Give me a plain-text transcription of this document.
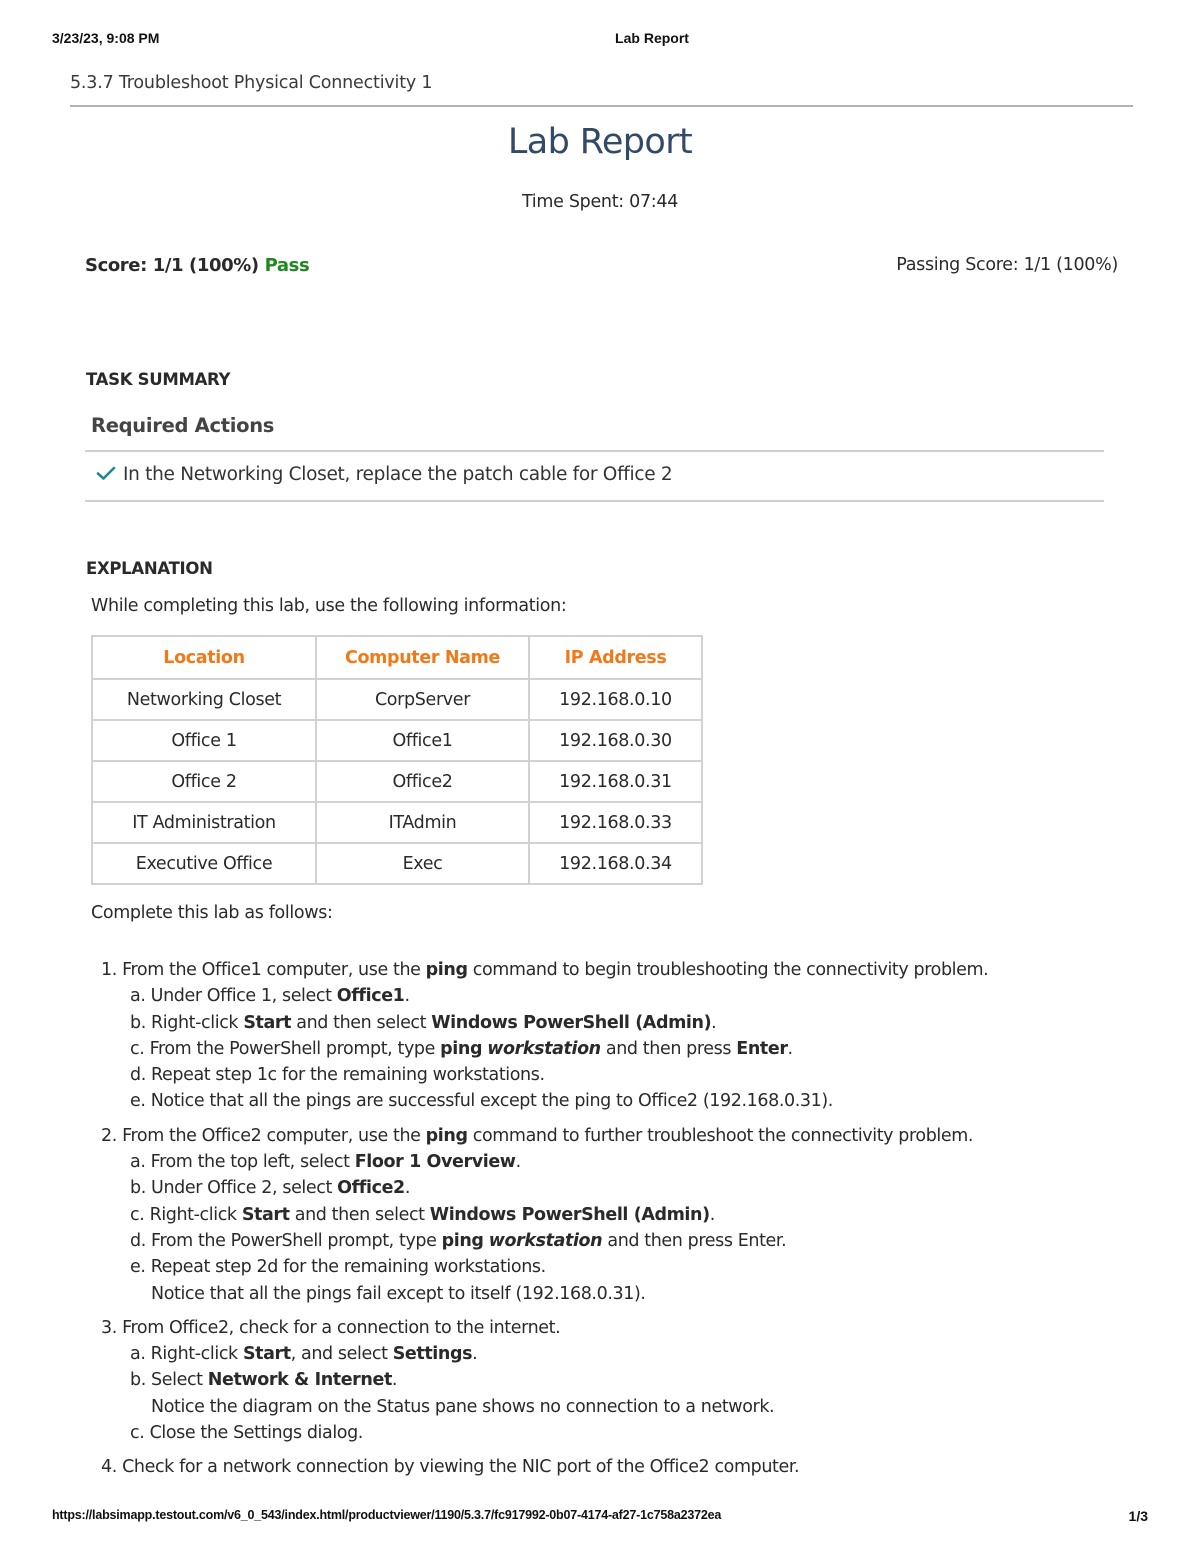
3/23/23, 9:08 PM	Lab Report
5.3.7 Troubleshoot Physical Connectivity 1
Lab Report
Time Spent: 07:44
Score: 1/1 (100%) Pass	Passing Score: 1/1 (100%)
TASK SUMMARY
Required Actions
In the Networking Closet, replace the patch cable for Office 2
EXPLANATION
While completing this lab, use the following information:
Location	Computer Name	IP Address
Networking Closet	CorpServer	192.168.0.10
Office 1	Office1	192.168.0.30
Office 2	Office2	192.168.0.31
IT Administration	ITAdmin	192.168.0.33
Executive Office	Exec	192.168.0.34
Complete this lab as follows:
1. From the Office1 computer, use the ping command to begin troubleshooting the connectivity problem.
a. Under Office 1, select Office1.
b. Right-click Start and then select Windows PowerShell (Admin).
c. From the PowerShell prompt, type ping workstation and then press Enter.
d. Repeat step 1c for the remaining workstations.
e. Notice that all the pings are successful except the ping to Office2 (192.168.0.31).
2. From the Office2 computer, use the ping command to further troubleshoot the connectivity problem.
a. From the top left, select Floor 1 Overview.
b. Under Office 2, select Office2.
c. Right-click Start and then select Windows PowerShell (Admin).
d. From the PowerShell prompt, type ping workstation and then press Enter.
e. Repeat step 2d for the remaining workstations.
Notice that all the pings fail except to itself (192.168.0.31).
3. From Office2, check for a connection to the internet.
a. Right-click Start, and select Settings.
b. Select Network & Internet.
Notice the diagram on the Status pane shows no connection to a network.
c. Close the Settings dialog.
4. Check for a network connection by viewing the NIC port of the Office2 computer.
https://labsimapp.testout.com/v6_0_543/index.html/productviewer/1190/5.3.7/fc917992-0b07-4174-af27-1c758a2372ea	1/3
